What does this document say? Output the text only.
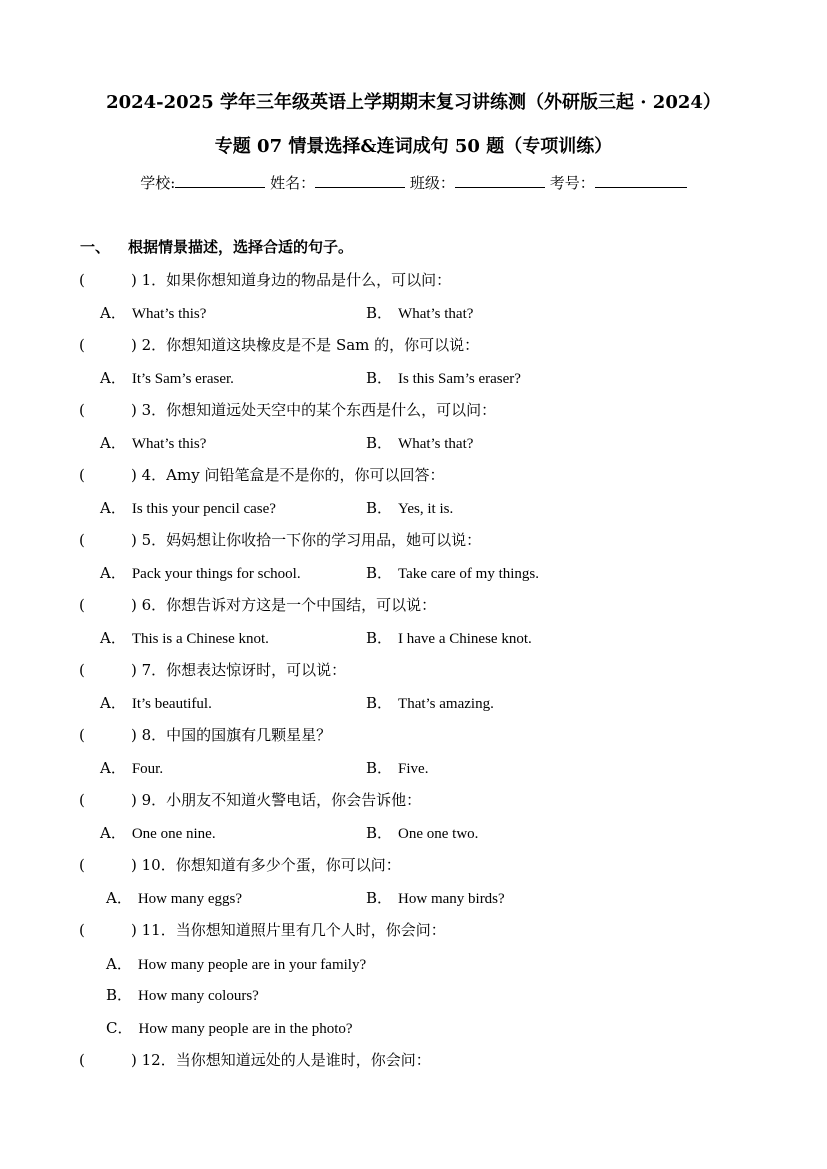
2024-2025 学年三年级英语上学期期末复习讲练测（外研版三起 · 2024）
专题 07 情景选择&连词成句 50 题（专项训练）
学校:	姓名：	班级：	考号：
一、 根据情景描述，选择合适的句子。
(	) 1．如果你想知道身边的物品是什么，可以问：
A． What’s this?	B． What’s that?
(	) 2．你想知道这块橡皮是不是 Sam 的，你可以说：
A． It’s Sam’s eraser.	B． Is this Sam’s eraser?
(	) 3．你想知道远处天空中的某个东西是什么，可以问：
A． What’s this?	B． What’s that?
(	) 4．Amy 问铅笔盒是不是你的，你可以回答：
A． Is this your pencil case?	B． Yes, it is.
(	) 5．妈妈想让你收拾一下你的学习用品，她可以说：
A． Pack your things for school.	B． Take care of my things.
(	) 6．你想告诉对方这是一个中国结，可以说：
A． This is a Chinese knot.	B． I have a Chinese knot.
(	) 7．你想表达惊讶时，可以说：
A． It’s beautiful.	B． That’s amazing.
(	) 8．中国的国旗有几颗星星？
A． Four.	B． Five.
(	) 9．小朋友不知道火警电话，你会告诉他：
A． One one nine.	B． One one two.
(	) 10．你想知道有多少个蛋，你可以问：
A． How many eggs?	B． How many birds?
(	) 11．当你想知道照片里有几个人时，你会问：
A． How many people are in your family?
B． How many colours?
C． How many people are in the photo?
(	) 12．当你想知道远处的人是谁时，你会问：
